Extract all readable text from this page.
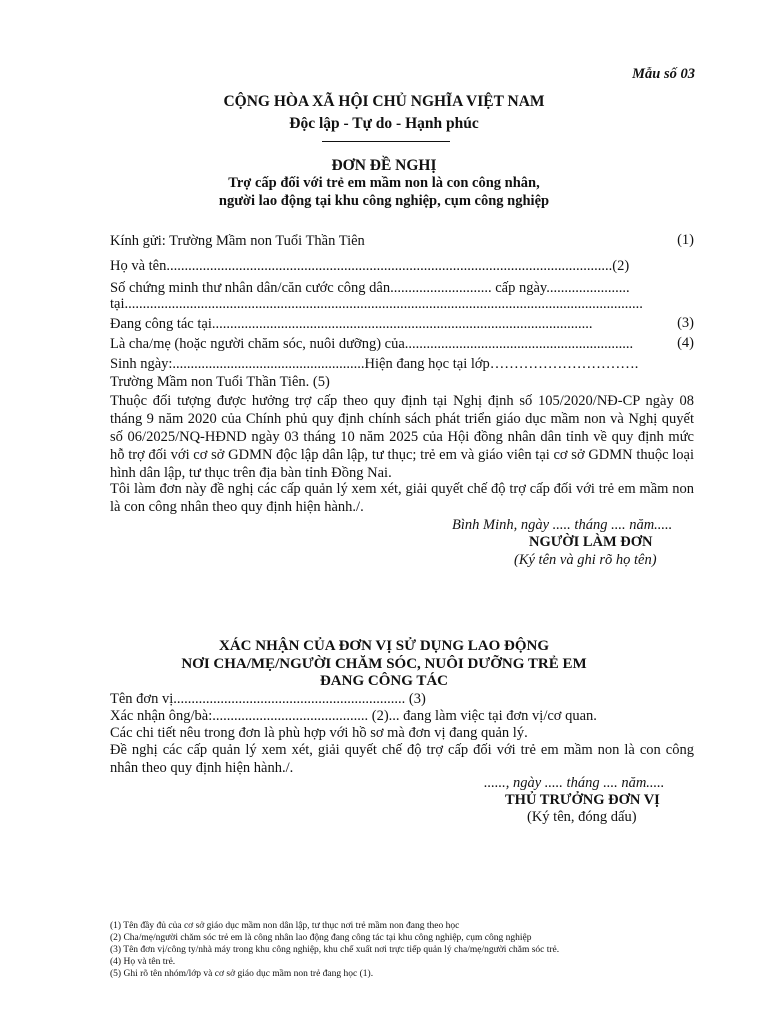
Mẫu số 03
CỘNG HÒA XÃ HỘI CHỦ NGHĨA VIỆT NAM
Độc lập - Tự do - Hạnh phúc
ĐƠN ĐỀ NGHỊ
Trợ cấp đối với trẻ em mầm non là con công nhân,
người lao động tại khu công nghiệp, cụm công nghiệp
Kính gửi: Trường Mầm non Tuổi Thần Tiên	(1)
Họ và tên...........................................................................................................................(2)
Số chứng minh thư nhân dân/căn cước công dân............................ cấp ngày.......................
tại...............................................................................................................................................
Đang công tác tại.........................................................................................................	(3)
Là cha/mẹ (hoặc người chăm sóc, nuôi dưỡng) của...............................................................	(4)
Sinh ngày:.....................................................Hiện đang học tại lớp………………………….
Trường Mầm non Tuổi Thần Tiên. (5)
Thuộc đối tượng được hưởng trợ cấp theo quy định tại Nghị định số 105/2020/NĐ-CP ngày 08 tháng 9 năm 2020 của Chính phủ quy định chính sách phát triển giáo dục mầm non và Nghị quyết số 06/2025/NQ-HĐND ngày 03 tháng 10 năm 2025 của Hội đồng nhân dân tỉnh về quy định mức hỗ trợ đối với cơ sở GDMN độc lập dân lập, tư thục; trẻ em và giáo viên tại cơ sở GDMN thuộc loại hình dân lập, tư thục trên địa bàn tỉnh Đồng Nai.
Tôi làm đơn này đề nghị các cấp quản lý xem xét, giải quyết chế độ trợ cấp đối với trẻ em mầm non là con công nhân theo quy định hiện hành./.
Bình Minh, ngày ..... tháng .... năm.....
NGƯỜI LÀM ĐƠN
(Ký tên và ghi rõ họ tên)
XÁC NHẬN CỦA ĐƠN VỊ SỬ DỤNG LAO ĐỘNG
NƠI CHA/MẸ/NGƯỜI CHĂM SÓC, NUÔI DƯỠNG TRẺ EM
ĐANG CÔNG TÁC
Tên đơn vị................................................................ (3)
Xác nhận ông/bà:........................................... (2)... đang làm việc tại đơn vị/cơ quan.
Các chi tiết nêu trong đơn là phù hợp với hồ sơ mà đơn vị đang quản lý.
Đề nghị các cấp quản lý xem xét, giải quyết chế độ trợ cấp đối với trẻ em mầm non là con công nhân theo quy định hiện hành./.
......, ngày ..... tháng .... năm.....
THỦ TRƯỞNG ĐƠN VỊ
(Ký tên, đóng dấu)
(1) Tên đầy đủ của cơ sở giáo dục mầm non dân lập, tư thục nơi trẻ mầm non đang theo học
(2) Cha/mẹ/người chăm sóc trẻ em là công nhân lao động đang công tác tại khu công nghiệp, cụm công nghiệp
(3) Tên đơn vị/công ty/nhà máy trong khu công nghiệp, khu chế xuất nơi trực tiếp quản lý cha/mẹ/người chăm sóc trẻ.
(4) Họ và tên trẻ.
(5) Ghi rõ tên nhóm/lớp và cơ sở giáo dục mầm non trẻ đang học (1).
